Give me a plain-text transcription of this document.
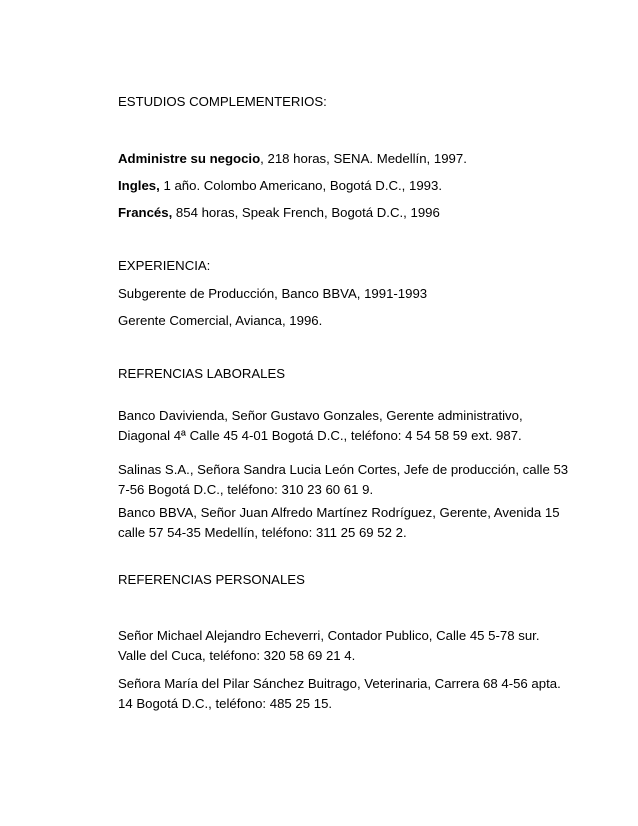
ESTUDIOS COMPLEMENTERIOS:

Administre su negocio, 218 horas, SENA. Medellín, 1997.

Ingles, 1 año. Colombo Americano, Bogotá D.C., 1993.

Francés, 854 horas, Speak French, Bogotá D.C., 1996

EXPERIENCIA:

Subgerente de Producción, Banco BBVA, 1991-1993

Gerente Comercial, Avianca, 1996.

REFRENCIAS LABORALES

Banco Davivienda, Señor Gustavo Gonzales, Gerente administrativo,

Diagonal 4ª Calle 45 4-01 Bogotá D.C., teléfono: 4 54 58 59 ext. 987.

Salinas S.A., Señora Sandra Lucia León Cortes, Jefe de producción, calle 53

7-56 Bogotá D.C., teléfono: 310 23 60 61 9.

Banco BBVA, Señor Juan Alfredo Martínez Rodríguez, Gerente, Avenida 15

calle 57 54-35 Medellín, teléfono: 311 25 69 52 2.

REFERENCIAS PERSONALES

Señor Michael Alejandro Echeverri, Contador Publico, Calle 45 5-78 sur.

Valle del Cuca, teléfono: 320 58 69 21 4.

Señora María del Pilar Sánchez Buitrago, Veterinaria, Carrera 68 4-56 apta.

14 Bogotá D.C., teléfono: 485 25 15.
